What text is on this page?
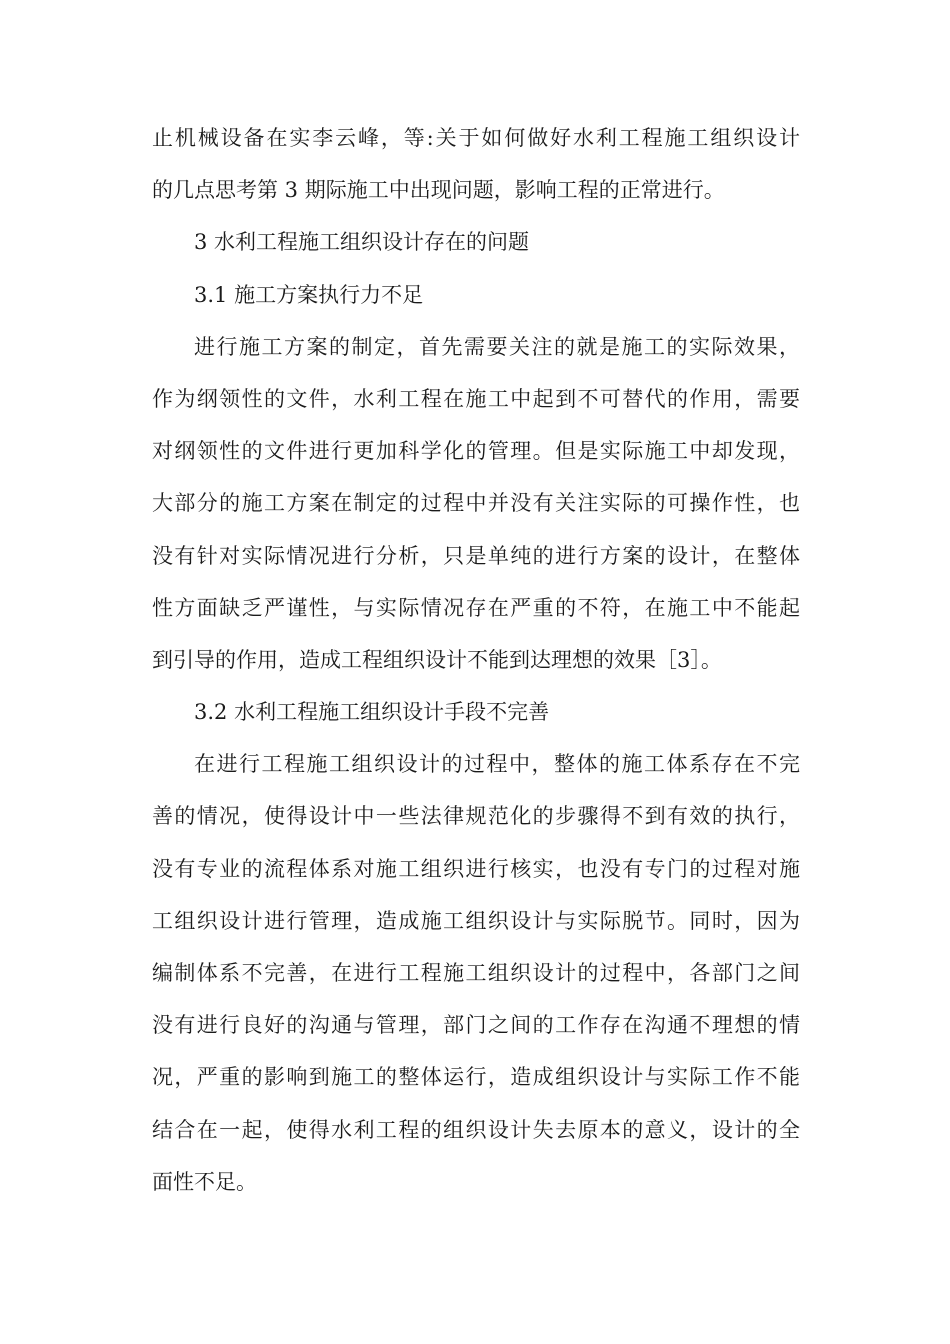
止机械设备在实李云峰，等:关于如何做好水利工程施工组织设计
的几点思考第 3 期际施工中出现问题，影响工程的正常进行。
3 水利工程施工组织设计存在的问题
3.1 施工方案执行力不足
进行施工方案的制定，首先需要关注的就是施工的实际效果，
作为纲领性的文件，水利工程在施工中起到不可替代的作用，需要
对纲领性的文件进行更加科学化的管理。但是实际施工中却发现，
大部分的施工方案在制定的过程中并没有关注实际的可操作性，也
没有针对实际情况进行分析，只是单纯的进行方案的设计，在整体
性方面缺乏严谨性，与实际情况存在严重的不符，在施工中不能起
到引导的作用，造成工程组织设计不能到达理想的效果［3］。
3.2 水利工程施工组织设计手段不完善
在进行工程施工组织设计的过程中，整体的施工体系存在不完
善的情况，使得设计中一些法律规范化的步骤得不到有效的执行，
没有专业的流程体系对施工组织进行核实，也没有专门的过程对施
工组织设计进行管理，造成施工组织设计与实际脱节。同时，因为
编制体系不完善，在进行工程施工组织设计的过程中，各部门之间
没有进行良好的沟通与管理，部门之间的工作存在沟通不理想的情
况，严重的影响到施工的整体运行，造成组织设计与实际工作不能
结合在一起，使得水利工程的组织设计失去原本的意义，设计的全
面性不足。
